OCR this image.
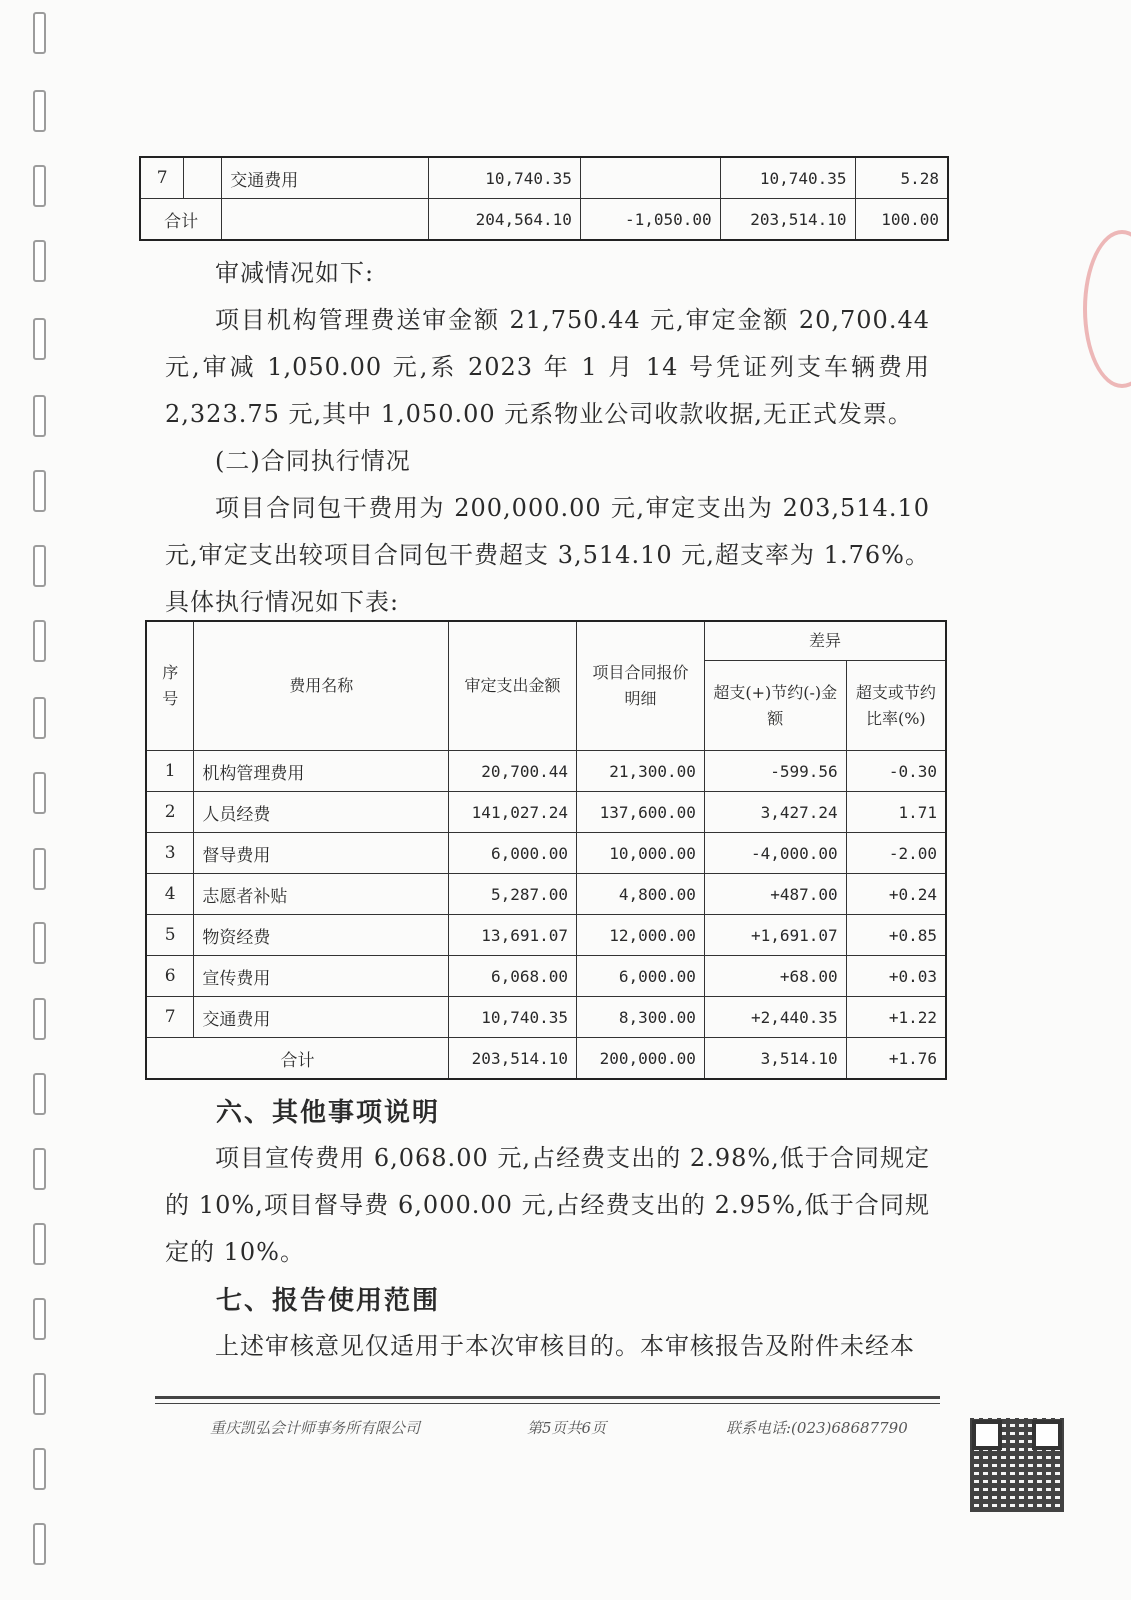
7		交通费用	10,740.35		10,740.35	5.28
合计			204,564.10	-1,050.00	203,514.10	100.00

审减情况如下:

项目机构管理费送审金额 21,750.44 元,审定金额 20,700.44 元,审减 1,050.00 元,系 2023 年 1 月 14 号凭证列支车辆费用 2,323.75 元,其中 1,050.00 元系物业公司收款收据,无正式发票。

(二)合同执行情况

项目合同包干费用为 200,000.00 元,审定支出为 203,514.10 元,审定支出较项目合同包干费超支 3,514.10 元,超支率为 1.76%。具体执行情况如下表:

序号	费用名称	审定支出金额	项目合同报价明细	差异	
				超支(+)节约(-)金额	超支或节约比率(%)
1	机构管理费用	20,700.44	21,300.00	-599.56	-0.30
2	人员经费	141,027.24	137,600.00	3,427.24	1.71
3	督导费用	6,000.00	10,000.00	-4,000.00	-2.00
4	志愿者补贴	5,287.00	4,800.00	+487.00	+0.24
5	物资经费	13,691.07	12,000.00	+1,691.07	+0.85
6	宣传费用	6,068.00	6,000.00	+68.00	+0.03
7	交通费用	10,740.35	8,300.00	+2,440.35	+1.22
合计		203,514.10	200,000.00	3,514.10	+1.76
六、其他事项说明

项目宣传费用 6,068.00 元,占经费支出的 2.98%,低于合同规定的 10%,项目督导费 6,000.00 元,占经费支出的 2.95%,低于合同规定的 10%。

七、报告使用范围

上述审核意见仅适用于本次审核目的。本审核报告及附件未经本

重庆凯弘会计师事务所有限公司	第5页共6页	联系电话:(023)68687790
